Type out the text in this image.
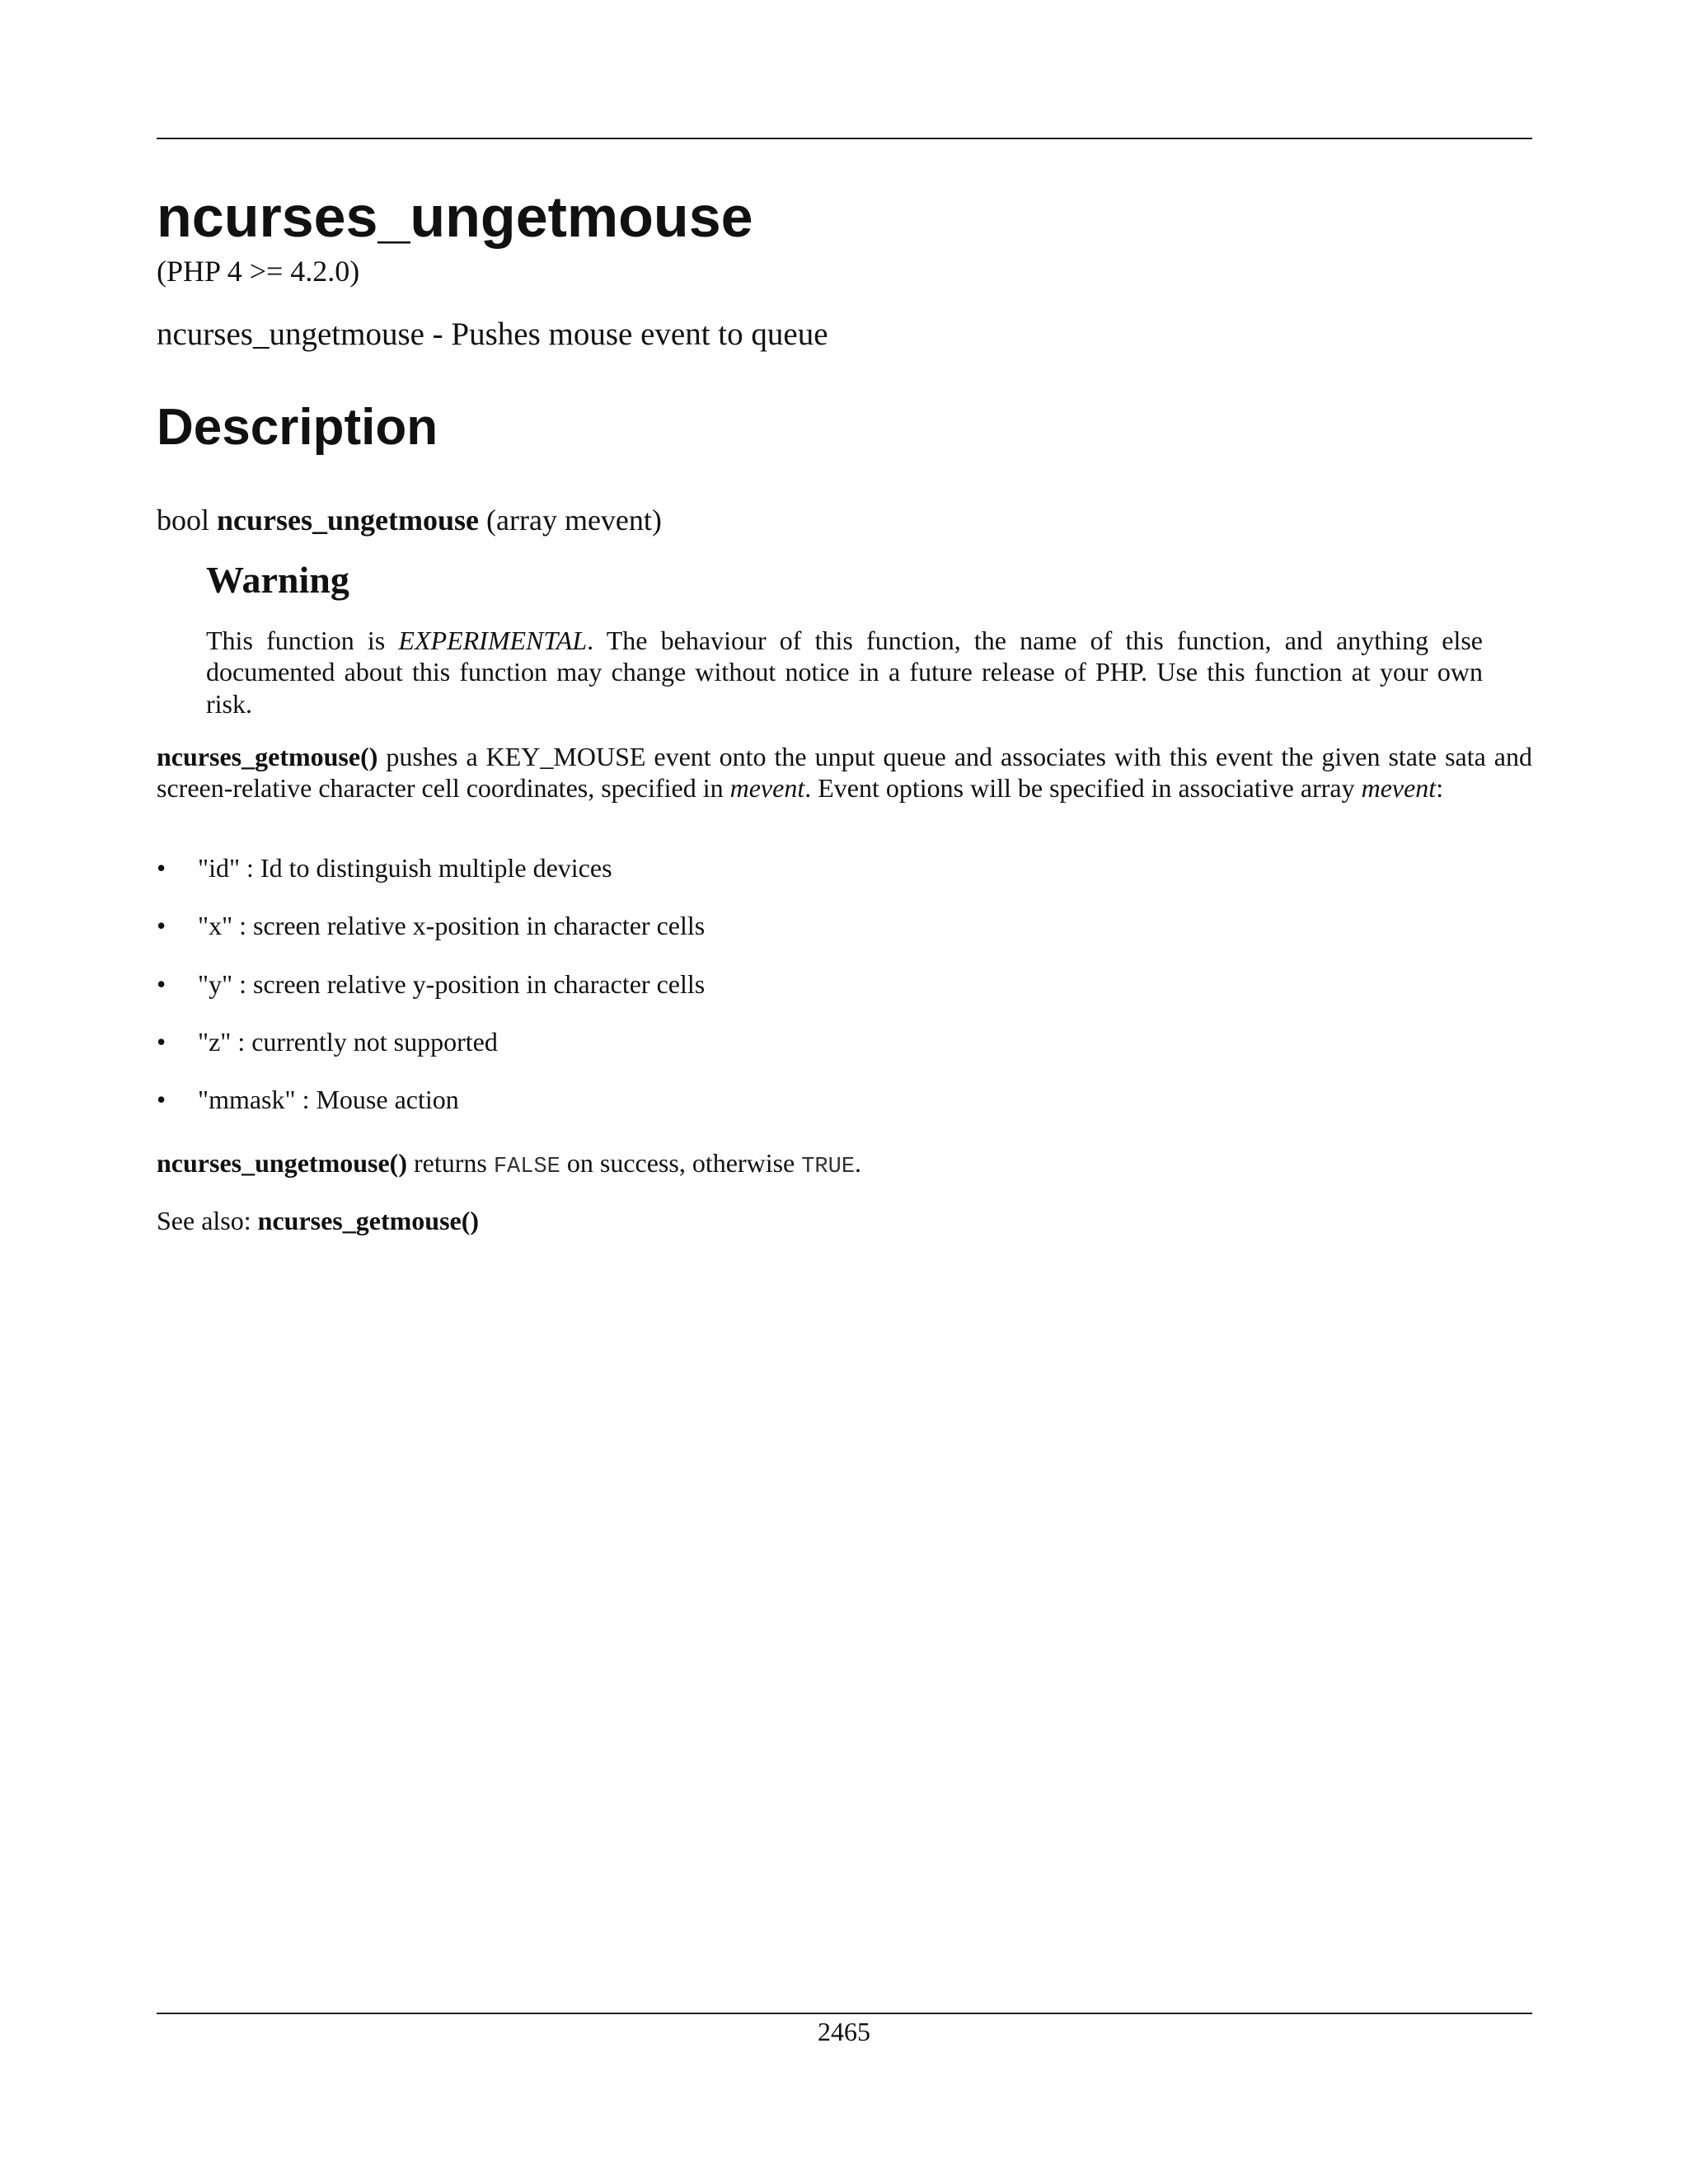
ncurses_ungetmouse
(PHP 4 >= 4.2.0)
ncurses_ungetmouse - Pushes mouse event to queue
Description
bool ncurses_ungetmouse (array mevent)
Warning
This function is EXPERIMENTAL. The behaviour of this function, the name of this function, and anything else documented about this function may change without notice in a future release of PHP. Use this function at your own risk.

ncurses_getmouse() pushes a KEY_MOUSE event onto the unput queue and associates with this event the given state sata and screen-relative character cell coordinates, specified in mevent. Event options will be specified in associative array mevent:

• "id" : Id to distinguish multiple devices
• "x" : screen relative x-position in character cells
• "y" : screen relative y-position in character cells
• "z" : currently not supported
• "mmask" : Mouse action

ncurses_ungetmouse() returns FALSE on success, otherwise TRUE.

See also: ncurses_getmouse()

2465
